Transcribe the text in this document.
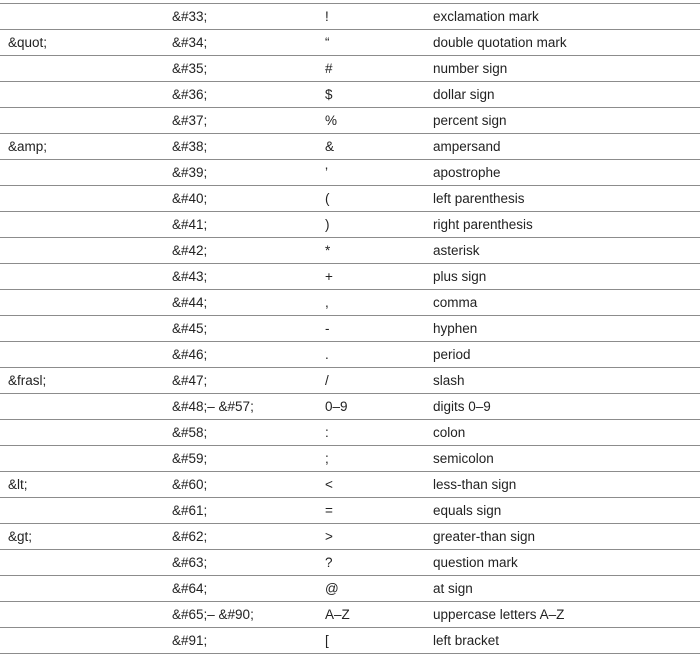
	&#33;	!	exclamation mark
&quot;	&#34;	“	double quotation mark
	&#35;	#	number sign
	&#36;	$	dollar sign
	&#37;	%	percent sign
&amp;	&#38;	&	ampersand
	&#39;	’	apostrophe
	&#40;	(	left parenthesis
	&#41;	)	right parenthesis
	&#42;	*	asterisk
	&#43;	+	plus sign
	&#44;	,	comma
	&#45;	-	hyphen
	&#46;	.	period
&frasl;	&#47;	/	slash
	&#48;– &#57;	0–9	digits 0–9
	&#58;	:	colon
	&#59;	;	semicolon
&lt;	&#60;	<	less-than sign
	&#61;	=	equals sign
&gt;	&#62;	>	greater-than sign
	&#63;	?	question mark
	&#64;	@	at sign
	&#65;– &#90;	A–Z	uppercase letters A–Z
	&#91;	[	left bracket
